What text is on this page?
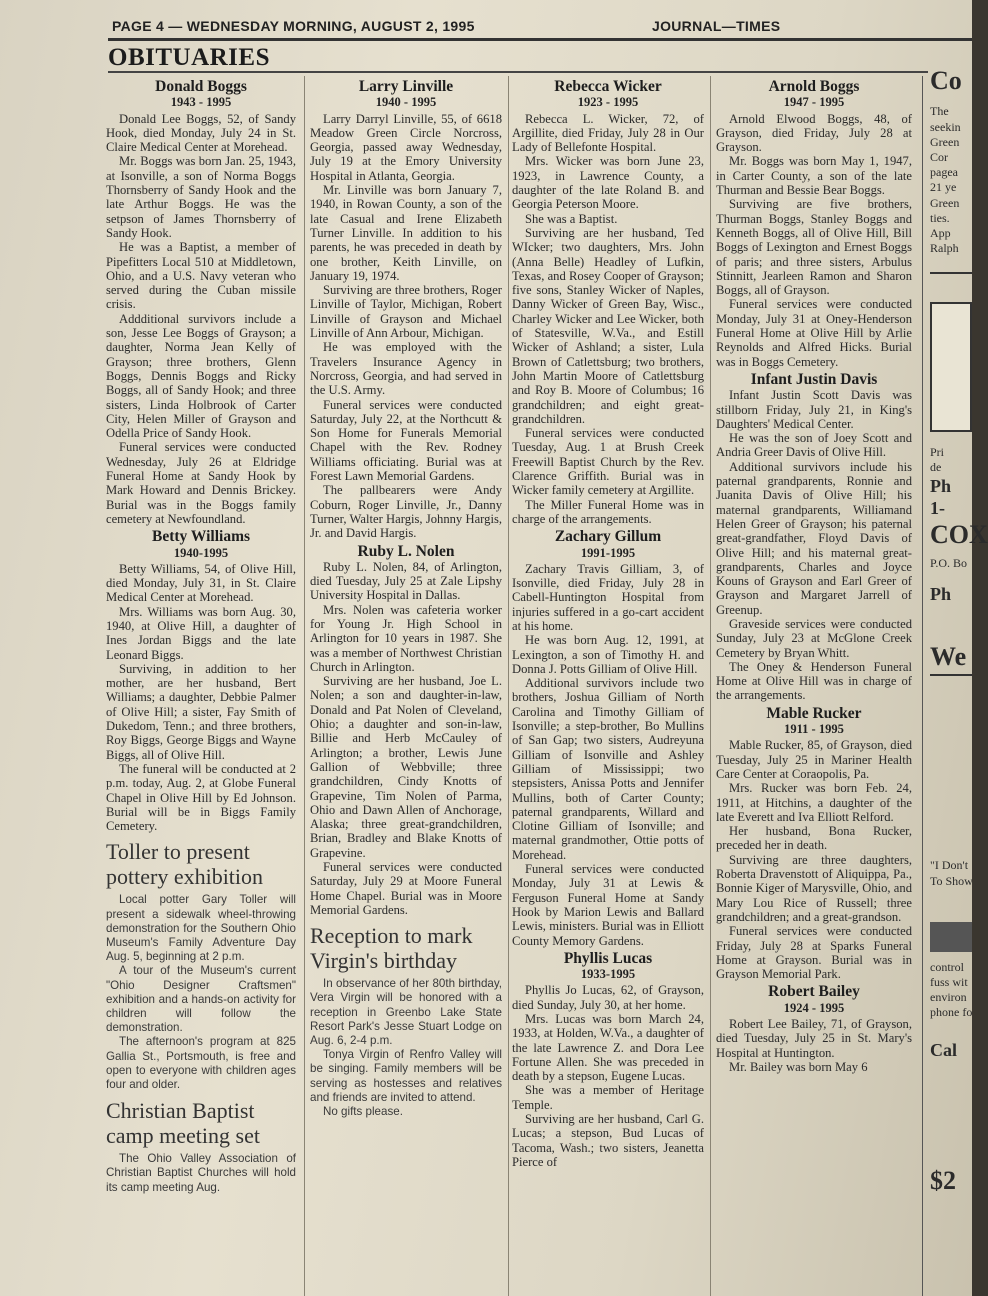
PAGE 4 — WEDNESDAY MORNING, AUGUST 2, 1995	JOURNAL—TIMES
OBITUARIES
Donald Boggs
1943 - 1995

Donald Lee Boggs, 52, of Sandy Hook, died Monday, July 24 in St. Claire Medical Center at Morehead.

Mr. Boggs was born Jan. 25, 1943, at Isonville, a son of Norma Boggs Thornsberry of Sandy Hook and the late Arthur Boggs. He was the setpson of James Thornsberry of Sandy Hook.

He was a Baptist, a member of Pipefitters Local 510 at Middletown, Ohio, and a U.S. Navy veteran who served during the Cuban missile crisis.

Addditional survivors include a son, Jesse Lee Boggs of Grayson; a daughter, Norma Jean Kelly of Grayson; three brothers, Glenn Boggs, Dennis Boggs and Ricky Boggs, all of Sandy Hook; and three sisters, Linda Holbrook of Carter City, Helen Miller of Grayson and Odella Price of Sandy Hook.

Funeral services were conducted Wednesday, July 26 at Eldridge Funeral Home at Sandy Hook by Mark Howard and Dennis Brickey. Burial was in the Boggs family cemetery at Newfoundland.

Betty Williams
1940-1995

Betty Williams, 54, of Olive Hill, died Monday, July 31, in St. Claire Medical Center at Morehead.

Mrs. Williams was born Aug. 30, 1940, at Olive Hill, a daughter of Ines Jordan Biggs and the late Leonard Biggs.

Surviving, in addition to her mother, are her husband, Bert Williams; a daughter, Debbie Palmer of Olive Hill; a sister, Fay Smith of Dukedom, Tenn.; and three brothers, Roy Biggs, George Biggs and Wayne Biggs, all of Olive Hill.

The funeral will be conducted at 2 p.m. today, Aug. 2, at Globe Funeral Chapel in Olive Hill by Ed Johnson. Burial will be in Biggs Family Cemetery.

Toller to present pottery exhibition

Local potter Gary Toller will present a sidewalk wheel-throwing demonstration for the Southern Ohio Museum's Family Adventure Day Aug. 5, beginning at 2 p.m.

A tour of the Museum's current "Ohio Designer Craftsmen" exhibition and a hands-on activity for children will follow the demonstration.

The afternoon's program at 825 Gallia St., Portsmouth, is free and open to everyone with children ages four and older.

Christian Baptist camp meeting set

The Ohio Valley Association of Christian Baptist Churches will hold its camp meeting Aug.

Larry Linville
1940 - 1995

Larry Darryl Linville, 55, of 6618 Meadow Green Circle Norcross, Georgia, passed away Wednesday, July 19 at the Emory University Hospital in Atlanta, Georgia.

Mr. Linville was born January 7, 1940, in Rowan County, a son of the late Casual and Irene Elizabeth Turner Linville. In addition to his parents, he was preceded in death by one brother, Keith Linville, on January 19, 1974.

Surviving are three brothers, Roger Linville of Taylor, Michigan, Robert Linville of Grayson and Michael Linville of Ann Arbour, Michigan.

He was employed with the Travelers Insurance Agency in Norcross, Georgia, and had served in the U.S. Army.

Funeral services were conducted Saturday, July 22, at the Northcutt & Son Home for Funerals Memorial Chapel with the Rev. Rodney Williams officiating. Burial was at Forest Lawn Memorial Gardens.

The pallbearers were Andy Coburn, Roger Linville, Jr., Danny Turner, Walter Hargis, Johnny Hargis, Jr. and David Hargis.

Ruby L. Nolen

Ruby L. Nolen, 84, of Arlington, died Tuesday, July 25 at Zale Lipshy University Hospital in Dallas.

Mrs. Nolen was cafeteria worker for Young Jr. High School in Arlington for 10 years in 1987. She was a member of Northwest Christian Church in Arlington.

Surviving are her husband, Joe L. Nolen; a son and daughter-in-law, Donald and Pat Nolen of Cleveland, Ohio; a daughter and son-in-law, Billie and Herb McCauley of Arlington; a brother, Lewis June Gallion of Webbville; three grandchildren, Cindy Knotts of Grapevine, Tim Nolen of Parma, Ohio and Dawn Allen of Anchorage, Alaska; three great-grandchildren, Brian, Bradley and Blake Knotts of Grapevine.

Funeral services were conducted Saturday, July 29 at Moore Funeral Home Chapel. Burial was in Moore Memorial Gardens.

Reception to mark Virgin's birthday

In observance of her 80th birthday, Vera Virgin will be honored with a reception in Greenbo Lake State Resort Park's Jesse Stuart Lodge on Aug. 6, 2-4 p.m.

Tonya Virgin of Renfro Valley will be singing. Family members will be serving as hostesses and relatives and friends are invited to attend.

No gifts please.

Rebecca Wicker
1923 - 1995

Rebecca L. Wicker, 72, of Argillite, died Friday, July 28 in Our Lady of Bellefonte Hospital.

Mrs. Wicker was born June 23, 1923, in Lawrence County, a daughter of the late Roland B. and Georgia Peterson Moore.

She was a Baptist.

Surviving are her husband, Ted WIcker; two daughters, Mrs. John (Anna Belle) Headley of Lufkin, Texas, and Rosey Cooper of Grayson; five sons, Stanley Wicker of Naples, Danny Wicker of Green Bay, Wisc., Charley Wicker and Lee Wicker, both of Statesville, W.Va., and Estill Wicker of Ashland; a sister, Lula Brown of Catlettsburg; two brothers, John Martin Moore of Catlettsburg and Roy B. Moore of Columbus; 16 grandchildren; and eight great-grandchildren.

Funeral services were conducted Tuesday, Aug. 1 at Brush Creek Freewill Baptist Church by the Rev. Clarence Griffith. Burial was in Wicker family cemetery at Argillite.

The Miller Funeral Home was in charge of the arrangements.

Zachary Gillum
1991-1995

Zachary Travis Gilliam, 3, of Isonville, died Friday, July 28 in Cabell-Huntington Hospital from injuries suffered in a go-cart accident at his home.

He was born Aug. 12, 1991, at Lexington, a son of Timothy H. and Donna J. Potts Gilliam of Olive Hill.

Additional survivors include two brothers, Joshua Gilliam of North Carolina and Timothy Gilliam of Isonville; a step-brother, Bo Mullins of San Gap; two sisters, Audreyuna Gilliam of Isonville and Ashley Gilliam of Mississippi; two stepsisters, Anissa Potts and Jennifer Mullins, both of Carter County; paternal grandparents, Willard and Clotine Gilliam of Isonville; and maternal grandmother, Ottie potts of Morehead.

Funeral services were conducted Monday, July 31 at Lewis & Ferguson Funeral Home at Sandy Hook by Marion Lewis and Ballard Lewis, ministers. Burial was in Elliott County Memory Gardens.

Phyllis Lucas
1933-1995

Phyllis Jo Lucas, 62, of Grayson, died Sunday, July 30, at her home.

Mrs. Lucas was born March 24, 1933, at Holden, W.Va., a daughter of the late Lawrence Z. and Dora Lee Fortune Allen. She was preceded in death by a stepson, Eugene Lucas.

She was a member of Heritage Temple.

Surviving are her husband, Carl G. Lucas; a stepson, Bud Lucas of Tacoma, Wash.; two sisters, Jeanetta Pierce of

Arnold Boggs
1947 - 1995

Arnold Elwood Boggs, 48, of Grayson, died Friday, July 28 at Grayson.

Mr. Boggs was born May 1, 1947, in Carter County, a son of the late Thurman and Bessie Bear Boggs.

Surviving are five brothers, Thurman Boggs, Stanley Boggs and Kenneth Boggs, all of Olive Hill, Bill Boggs of Lexington and Ernest Boggs of paris; and three sisters, Arbulus Stinnitt, Jearleen Ramon and Sharon Boggs, all of Grayson.

Funeral services were conducted Monday, July 31 at Oney-Henderson Funeral Home at Olive Hill by Arlie Reynolds and Alfred Hicks. Burial was in Boggs Cemetery.

Infant Justin Davis

Infant Justin Scott Davis was stillborn Friday, July 21, in King's Daughters' Medical Center.

He was the son of Joey Scott and Andria Greer Davis of Olive Hill.

Additional survivors include his paternal grandparents, Ronnie and Juanita Davis of Olive Hill; his maternal grandparents, Williamand Helen Greer of Grayson; his paternal great-grandfather, Floyd Davis of Olive Hill; and his maternal great-grandparents, Charles and Joyce Kouns of Grayson and Earl Greer of Grayson and Margaret Jarrell of Greenup.

Graveside services were conducted Sunday, July 23 at McGlone Creek Cemetery by Bryan Whitt.

The Oney & Henderson Funeral Home at Olive Hill was in charge of the arrangements.

Mable Rucker
1911 - 1995

Mable Rucker, 85, of Grayson, died Tuesday, July 25 in Mariner Health Care Center at Coraopolis, Pa.

Mrs. Rucker was born Feb. 24, 1911, at Hitchins, a daughter of the late Everett and Iva Elliott Relford.

Her husband, Bona Rucker, preceded her in death.

Surviving are three daughters, Roberta Dravenstott of Aliquippa, Pa., Bonnie Kiger of Marysville, Ohio, and Mary Lou Rice of Russell; three grandchildren; and a great-grandson.

Funeral services were conducted Friday, July 28 at Sparks Funeral Home at Grayson. Burial was in Grayson Memorial Park.

Robert Bailey
1924 - 1995

Robert Lee Bailey, 71, of Grayson, died Tuesday, July 25 in St. Mary's Hospital at Huntington.

Mr. Bailey was born May 6

Co
The
seekin
Green
Cor
pagea
21 ye
Green
ties.
App
Ralph
Pri
de
Ph
1-
COX
P.O. Bo
Ph
We
"I Don't
To Show
control
fuss wit
environ
phone fo
Cal
$2
